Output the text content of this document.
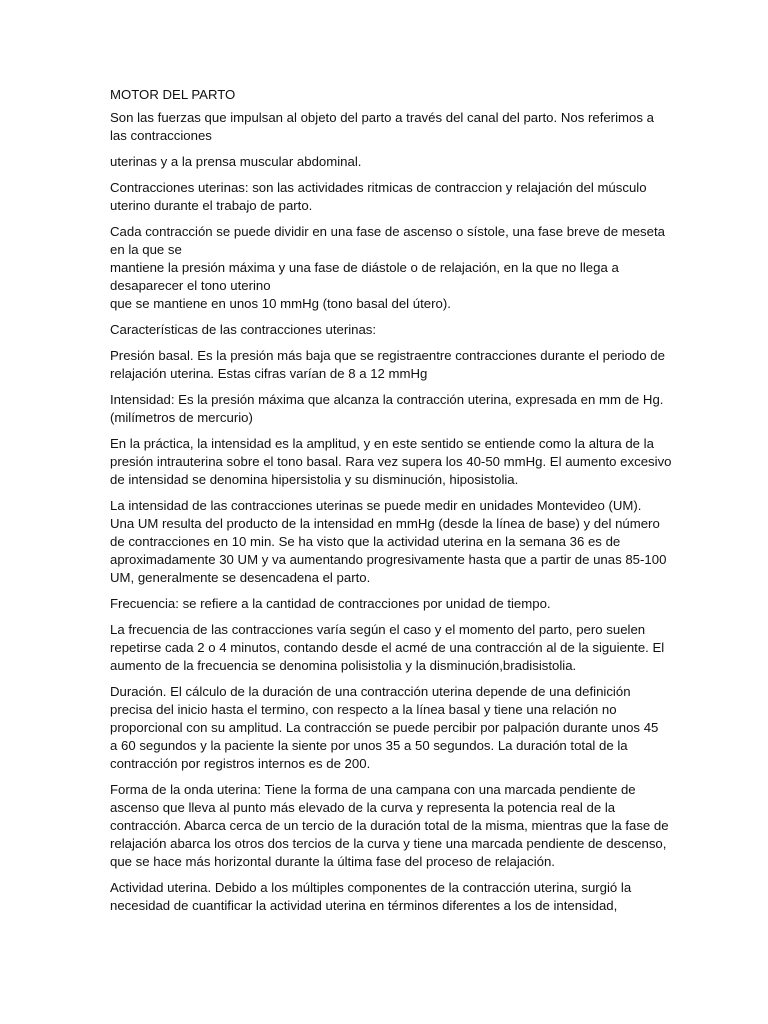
MOTOR DEL PARTO
Son las fuerzas que impulsan al objeto del parto a través del canal del parto. Nos referimos a
las contracciones
uterinas y a la prensa muscular abdominal.
Contracciones uterinas: son las actividades ritmicas de contraccion y relajación del músculo
uterino durante el trabajo de parto.
Cada contracción se puede dividir en una fase de ascenso o sístole, una fase breve de meseta
en la que se
mantiene la presión máxima y una fase de diástole o de relajación, en la que no llega a
desaparecer el tono uterino
que se mantiene en unos 10 mmHg (tono basal del útero).
Características de las contracciones uterinas:
Presión basal. Es la presión más baja que se registraentre contracciones durante el periodo de
relajación uterina. Estas cifras varían de 8 a 12 mmHg
Intensidad: Es la presión máxima que alcanza la contracción uterina, expresada en mm de Hg.
(milímetros de mercurio)
En la práctica, la intensidad es la amplitud, y en este sentido se entiende como la altura de la
presión intrauterina sobre el tono basal. Rara vez supera los 40-50 mmHg. El aumento excesivo
de intensidad se denomina hipersistolia y su disminución, hiposistolia.
La intensidad de las contracciones uterinas se puede medir en unidades Montevideo (UM).
Una UM resulta del producto de la intensidad en mmHg (desde la línea de base) y del número
de contracciones en 10 min. Se ha visto que la actividad uterina en la semana 36 es de
aproximadamente 30 UM y va aumentando progresivamente hasta que a partir de unas 85-100
UM, generalmente se desencadena el parto.
Frecuencia: se refiere a la cantidad de contracciones por unidad de tiempo.
La frecuencia de las contracciones varía según el caso y el momento del parto, pero suelen
repetirse cada 2 o 4 minutos, contando desde el acmé de una contracción al de la siguiente. El
aumento de la frecuencia se denomina polisistolia y la disminución,bradisistolia.
Duración. El cálculo de la duración de una contracción uterina depende de una definición
precisa del inicio hasta el termino, con respecto a la línea basal y tiene una relación no
proporcional con su amplitud. La contracción se puede percibir por palpación durante unos 45
a 60 segundos y la paciente la siente por unos 35 a 50 segundos. La duración total de la
contracción por registros internos es de 200.
Forma de la onda uterina: Tiene la forma de una campana con una marcada pendiente de
ascenso que lleva al punto más elevado de la curva y representa la potencia real de la
contracción. Abarca cerca de un tercio de la duración total de la misma, mientras que la fase de
relajación abarca los otros dos tercios de la curva y tiene una marcada pendiente de descenso,
que se hace más horizontal durante la última fase del proceso de relajación.
Actividad uterina. Debido a los múltiples componentes de la contracción uterina, surgió la
necesidad de cuantificar la actividad uterina en términos diferentes a los de intensidad,
